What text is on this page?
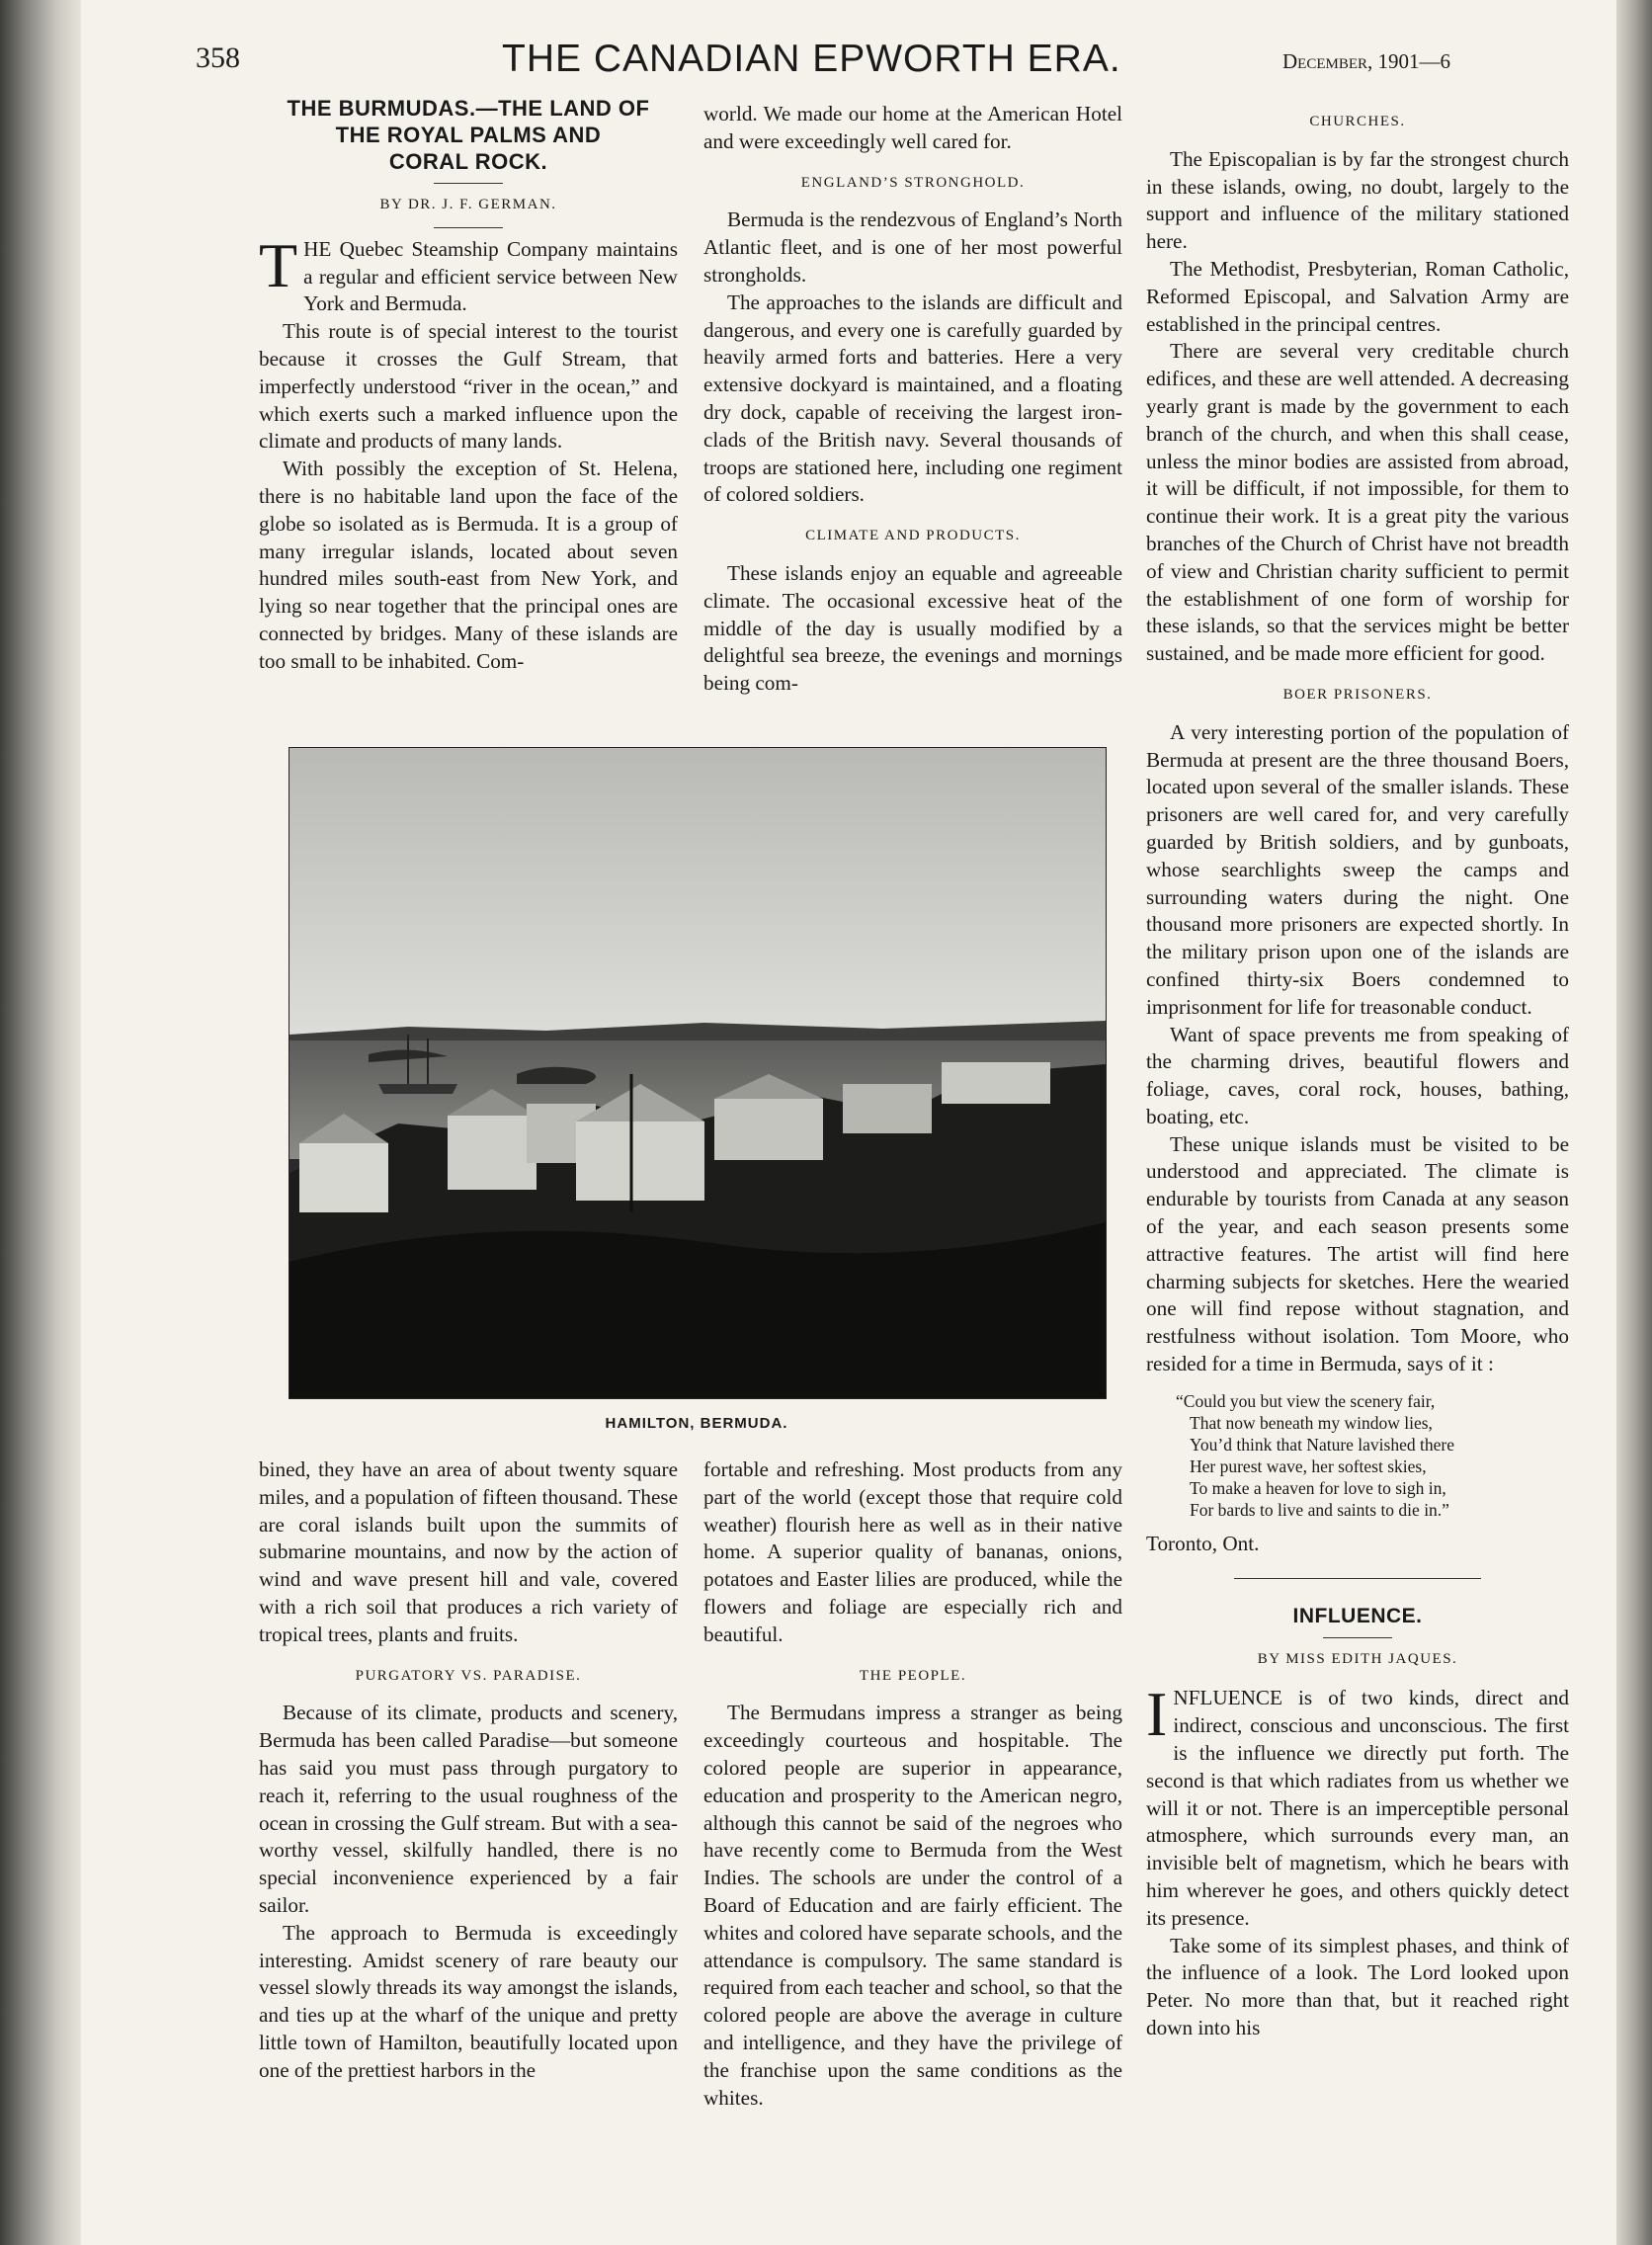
358	THE CANADIAN EPWORTH ERA.	December, 1901—6
THE BURMUDAS.—THE LAND OF
THE ROYAL PALMS AND
CORAL ROCK.
BY DR. J. F. GERMAN.

THE Quebec Steamship Company maintains a regular and efficient service between New York and Bermuda.

This route is of special interest to the tourist because it crosses the Gulf Stream, that imperfectly understood “river in the ocean,” and which exerts such a marked influence upon the climate and products of many lands.

With possibly the exception of St. Helena, there is no habitable land upon the face of the globe so isolated as is Bermuda. It is a group of many irregular islands, located about seven hundred miles south-east from New York, and lying so near together that the principal ones are connected by bridges. Many of these islands are too small to be inhabited. Com-

world. We made our home at the American Hotel and were exceedingly well cared for.

ENGLAND’S STRONGHOLD.

Bermuda is the rendezvous of England’s North Atlantic fleet, and is one of her most powerful strongholds.

The approaches to the islands are difficult and dangerous, and every one is carefully guarded by heavily armed forts and batteries. Here a very extensive dockyard is maintained, and a floating dry dock, capable of receiving the largest iron-clads of the British navy. Several thousands of troops are stationed here, including one regiment of colored soldiers.

CLIMATE AND PRODUCTS.

These islands enjoy an equable and agreeable climate. The occasional excessive heat of the middle of the day is usually modified by a delightful sea breeze, the evenings and mornings being com-

CHURCHES.

The Episcopalian is by far the strongest church in these islands, owing, no doubt, largely to the support and influence of the military stationed here.

The Methodist, Presbyterian, Roman Catholic, Reformed Episcopal, and Salvation Army are established in the principal centres.

There are several very creditable church edifices, and these are well attended. A decreasing yearly grant is made by the government to each branch of the church, and when this shall cease, unless the minor bodies are assisted from abroad, it will be difficult, if not impossible, for them to continue their work. It is a great pity the various branches of the Church of Christ have not breadth of view and Christian charity sufficient to permit the establishment of one form of worship for these islands, so that the services might be better sustained, and be made more efficient for good.

BOER PRISONERS.

A very interesting portion of the population of Bermuda at present are the three thousand Boers, located upon several of the smaller islands. These prisoners are well cared for, and very carefully guarded by British soldiers, and by gunboats, whose searchlights sweep the camps and surrounding waters during the night. One thousand more prisoners are expected shortly. In the military prison upon one of the islands are confined thirty-six Boers condemned to imprisonment for life for treasonable conduct.

Want of space prevents me from speaking of the charming drives, beautiful flowers and foliage, caves, coral rock, houses, bathing, boating, etc.

These unique islands must be visited to be understood and appreciated. The climate is endurable by tourists from Canada at any season of the year, and each season presents some attractive features. The artist will find here charming subjects for sketches. Here the wearied one will find repose without stagnation, and restfulness without isolation. Tom Moore, who resided for a time in Bermuda, says of it :

“Could you but view the scenery fair,
That now beneath my window lies,
You’d think that Nature lavished there
Her purest wave, her softest skies,
To make a heaven for love to sigh in,
For bards to live and saints to die in.”

Toronto, Ont.

INFLUENCE.
BY MISS EDITH JAQUES.

INFLUENCE is of two kinds, direct and indirect, conscious and unconscious. The first is the influence we directly put forth. The second is that which radiates from us whether we will it or not. There is an imperceptible personal atmosphere, which surrounds every man, an invisible belt of magnetism, which he bears with him wherever he goes, and others quickly detect its presence.

Take some of its simplest phases, and think of the influence of a look. The Lord looked upon Peter. No more than that, but it reached right down into his

HAMILTON, BERMUDA.

bined, they have an area of about twenty square miles, and a population of fifteen thousand. These are coral islands built upon the summits of submarine mountains, and now by the action of wind and wave present hill and vale, covered with a rich soil that produces a rich variety of tropical trees, plants and fruits.

PURGATORY VS. PARADISE.

Because of its climate, products and scenery, Bermuda has been called Paradise—but someone has said you must pass through purgatory to reach it, referring to the usual roughness of the ocean in crossing the Gulf stream. But with a sea-worthy vessel, skilfully handled, there is no special inconvenience experienced by a fair sailor.

The approach to Bermuda is exceedingly interesting. Amidst scenery of rare beauty our vessel slowly threads its way amongst the islands, and ties up at the wharf of the unique and pretty little town of Hamilton, beautifully located upon one of the prettiest harbors in the

fortable and refreshing. Most products from any part of the world (except those that require cold weather) flourish here as well as in their native home. A superior quality of bananas, onions, potatoes and Easter lilies are produced, while the flowers and foliage are especially rich and beautiful.

THE PEOPLE.

The Bermudans impress a stranger as being exceedingly courteous and hospitable. The colored people are superior in appearance, education and prosperity to the American negro, although this cannot be said of the negroes who have recently come to Bermuda from the West Indies. The schools are under the control of a Board of Education and are fairly efficient. The whites and colored have separate schools, and the attendance is compulsory. The same standard is required from each teacher and school, so that the colored people are above the average in culture and intelligence, and they have the privilege of the franchise upon the same conditions as the whites.
